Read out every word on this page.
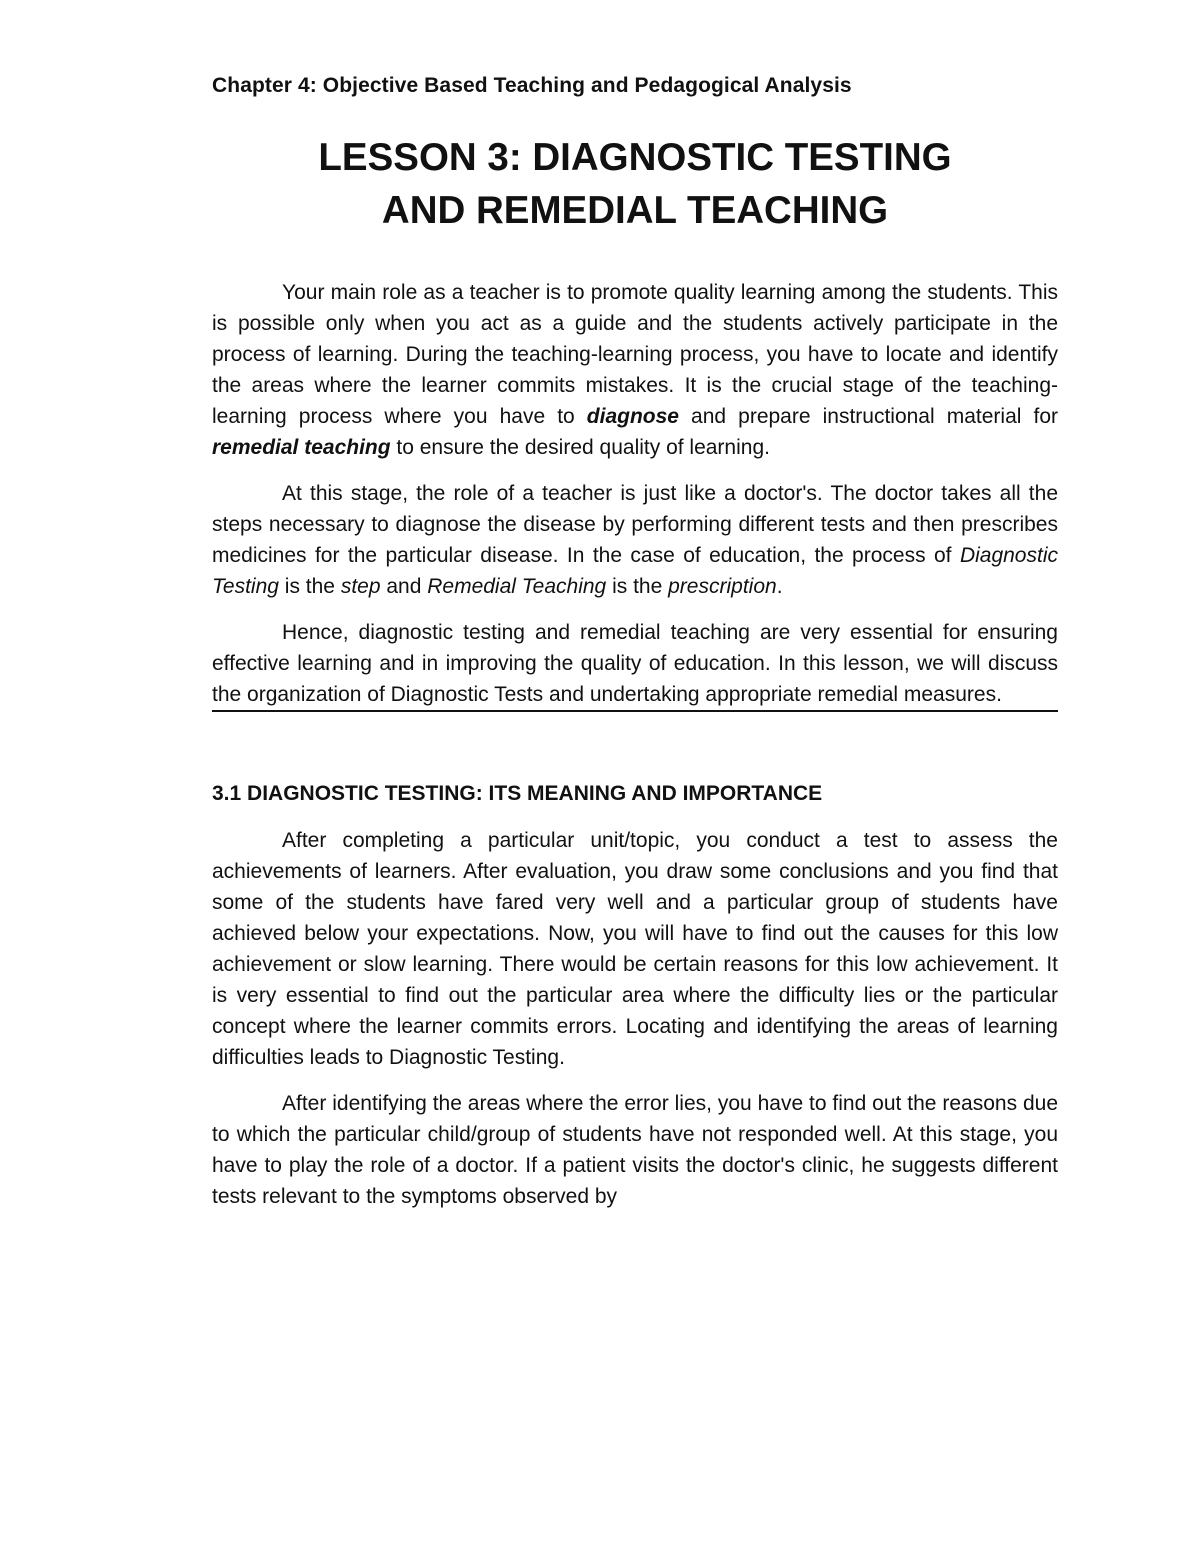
Chapter 4: Objective Based Teaching and Pedagogical Analysis
LESSON 3: DIAGNOSTIC TESTING
AND REMEDIAL TEACHING

Your main role as a teacher is to promote quality learning among the students. This is possible only when you act as a guide and the students actively participate in the process of learning. During the teaching-learning process, you have to locate and identify the areas where the learner commits mistakes. It is the crucial stage of the teaching-learning process where you have to diagnose and prepare instructional material for remedial teaching to ensure the desired quality of learning.

At this stage, the role of a teacher is just like a doctor's. The doctor takes all the steps necessary to diagnose the disease by performing different tests and then prescribes medicines for the particular disease. In the case of education, the process of Diagnostic Testing is the step and Remedial Teaching is the prescription.

Hence, diagnostic testing and remedial teaching are very essential for ensuring effective learning and in improving the quality of education. In this lesson, we will discuss the organization of Diagnostic Tests and undertaking appropriate remedial measures.

3.1 DIAGNOSTIC TESTING: ITS MEANING AND IMPORTANCE

After completing a particular unit/topic, you conduct a test to assess the achievements of learners. After evaluation, you draw some conclusions and you find that some of the students have fared very well and a particular group of students have achieved below your expectations. Now, you will have to find out the causes for this low achievement or slow learning. There would be certain reasons for this low achievement. It is very essential to find out the particular area where the difficulty lies or the particular concept where the learner commits errors. Locating and identifying the areas of learning difficulties leads to Diagnostic Testing.

After identifying the areas where the error lies, you have to find out the reasons due to which the particular child/group of students have not responded well. At this stage, you have to play the role of a doctor. If a patient visits the doctor's clinic, he suggests different tests relevant to the symptoms observed by
